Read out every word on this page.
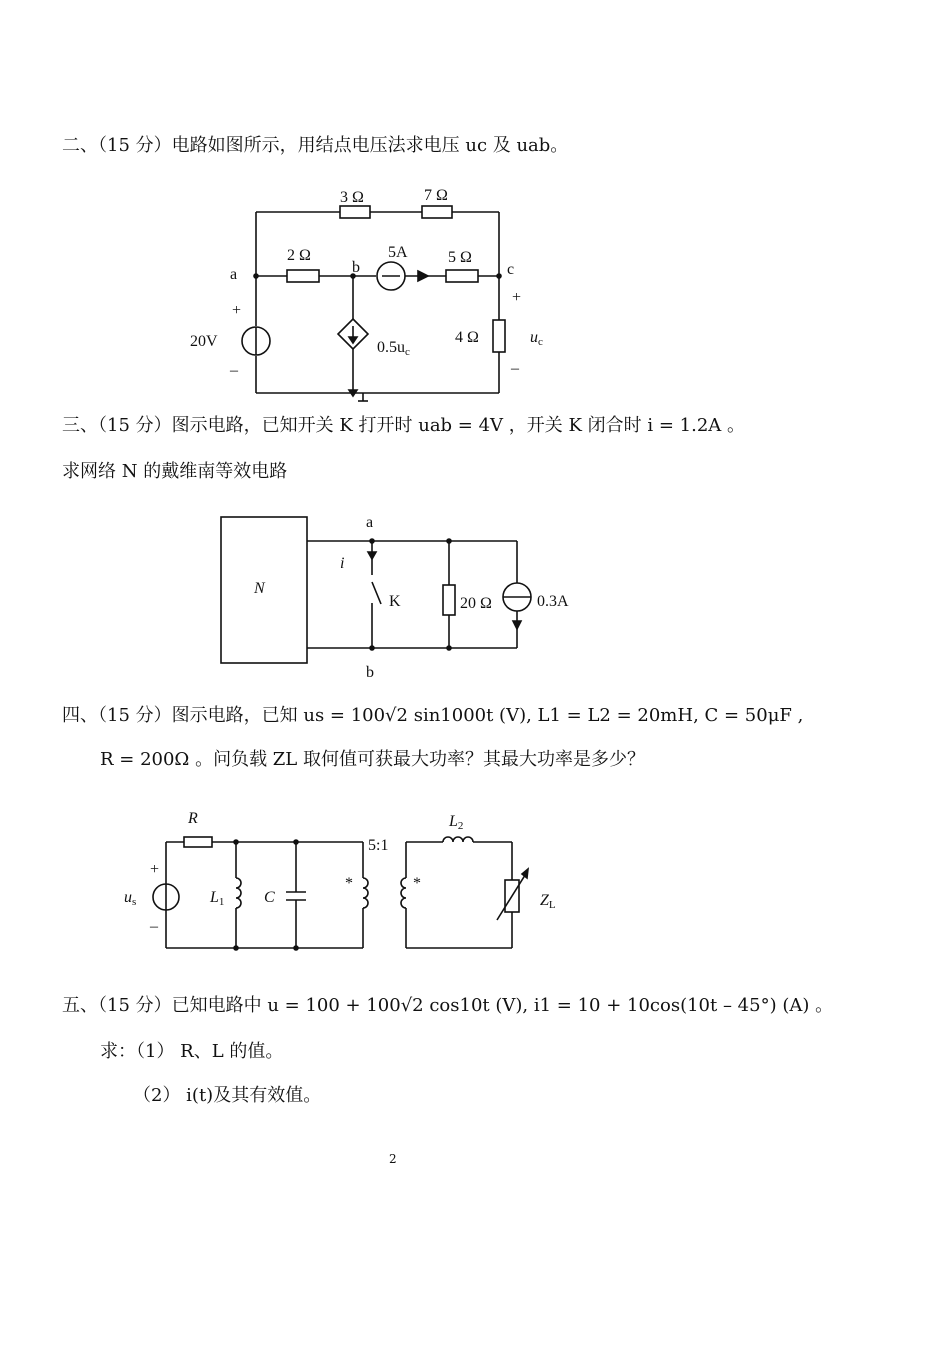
二、（15 分）电路如图所示，用结点电压法求电压 uc 及 uab。
3 Ω	7 Ω
2 Ω	5A	5 Ω
a	b	c
+
20V
–
0.5uc
4 Ω
+
uc
–
三、（15 分）图示电路，已知开关 K 打开时 uab = 4V ，开关 K 闭合时 i = 1.2A 。
求网络 N 的戴维南等效电路
N
a
b
i
K	20 Ω	0.3A
四、（15 分）图示电路，已知 us = 100√2 sin1000t (V), L1 = L2 = 20mH, C = 50μF ,
R = 200Ω 。问负载 ZL 取何值可获最大功率？其最大功率是多少？
R
+
us
–
L1 C
*
5:1
*
L2
ZL
五、（15 分）已知电路中 u = 100 + 100√2 cos10t (V), i1 = 10 + 10cos(10t – 45°) (A) 。
求：（1） R、L 的值。
（2） i(t)及其有效值。
2
